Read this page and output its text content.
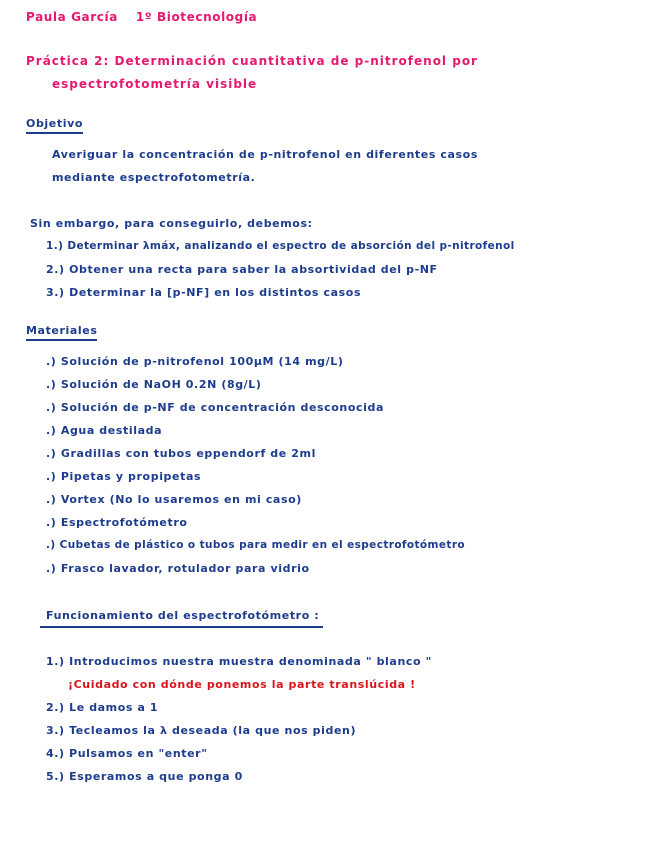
Paula García 1º Biotecnología
Práctica 2: Determinación cuantitativa de p-nitrofenol por
espectrofotometría visible
Objetivo
Averiguar la concentración de p-nitrofenol en diferentes casos
mediante espectrofotometría.
Sin embargo, para conseguirlo, debemos:
1.) Determinar λmáx, analizando el espectro de absorción del p-nitrofenol
2.) Obtener una recta para saber la absortividad del p-NF
3.) Determinar la [p-NF] en los distintos casos
Materiales
.) Solución de p-nitrofenol 100μM (14 mg/L)
.) Solución de NaOH 0.2N (8g/L)
.) Solución de p-NF de concentración desconocida
.) Agua destilada
.) Gradillas con tubos eppendorf de 2ml
.) Pipetas y propipetas
.) Vortex (No lo usaremos en mi caso)
.) Espectrofotómetro
.) Cubetas de plástico o tubos para medir en el espectrofotómetro
.) Frasco lavador, rotulador para vidrio
Funcionamiento del espectrofotómetro :
1.) Introducimos nuestra muestra denominada " blanco "
¡Cuidado con dónde ponemos la parte translúcida !
2.) Le damos a 1
3.) Tecleamos la λ deseada (la que nos piden)
4.) Pulsamos en "enter"
5.) Esperamos a que ponga 0
